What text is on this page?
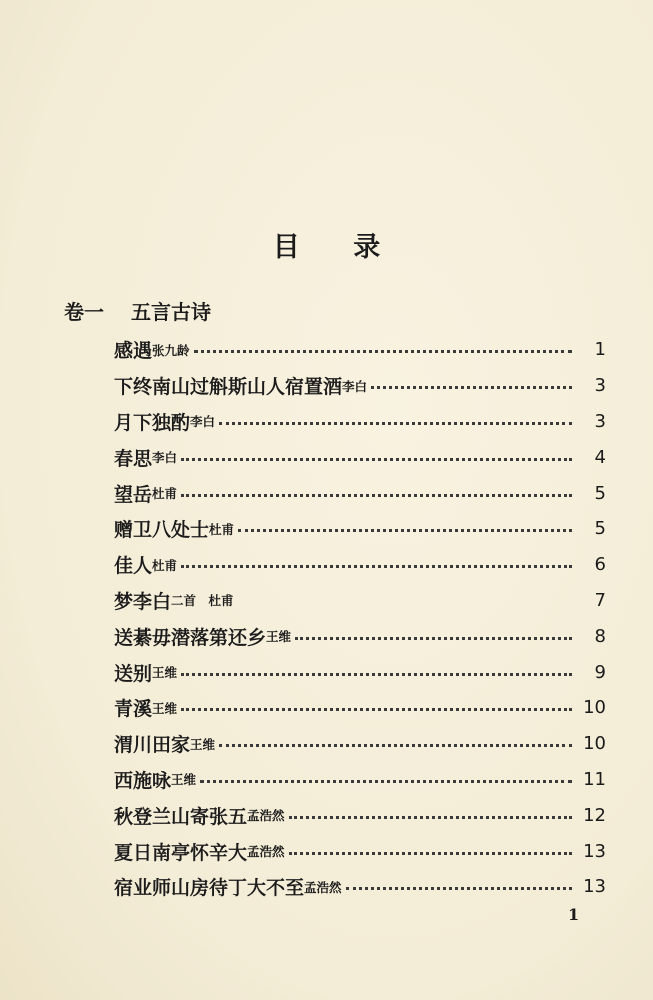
目 录
卷一 五言古诗
感遇 张九龄	1
下终南山过斛斯山人宿置酒 李白	3
月下独酌 李白	3
春思 李白	4
望岳 杜甫	5
赠卫八处士 杜甫	5
佳人 杜甫	6
梦李白 二首　杜甫	7
送綦毋潜落第还乡 王维	8
送别 王维	9
青溪 王维	10
渭川田家 王维	10
西施咏 王维	11
秋登兰山寄张五 孟浩然	12
夏日南亭怀辛大 孟浩然	13
宿业师山房待丁大不至 孟浩然	13
1
